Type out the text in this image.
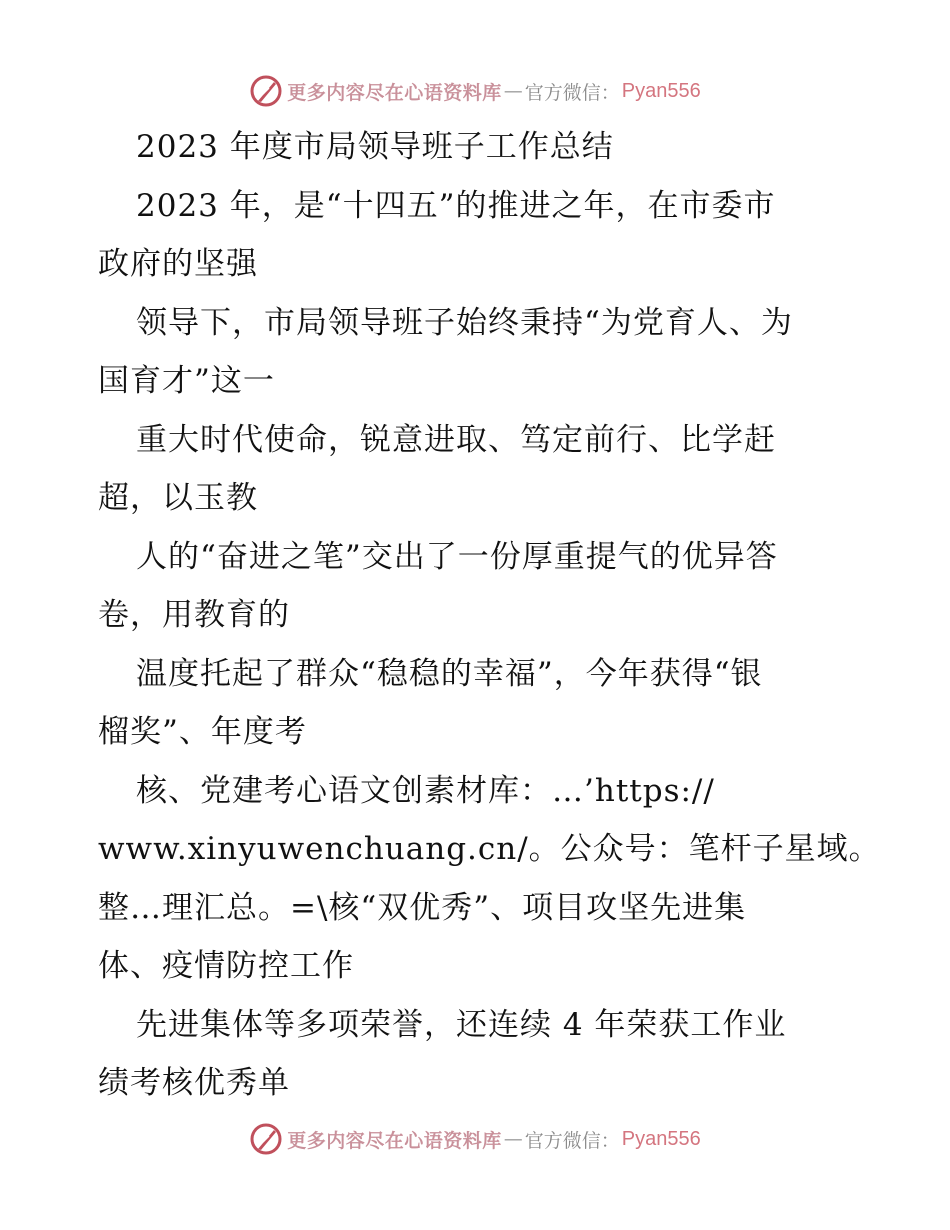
更多内容尽在心语资料库 — 官方微信： Pyan556
2023 年度市局领导班子工作总结
2023 年，是“十四五”的推进之年，在市委市
政府的坚强
领导下，市局领导班子始终秉持“为党育人、为
国育才”这一
重大时代使命，锐意进取、笃定前行、比学赶
超，以玉教
人的“奋进之笔”交出了一份厚重提气的优异答
卷，用教育的
温度托起了群众“稳稳的幸福”，今年获得“银
榴奖”、年度考
核、党建考心语文创素材库：…’https://
www.xinyuwenchuang.cn/。公众号：笔杆子星域。
整…理汇总。=\核“双优秀”、项目攻坚先进集
体、疫情防控工作
先进集体等多项荣誉，还连续 4 年荣获工作业
绩考核优秀单
更多内容尽在心语资料库 — 官方微信： Pyan556
